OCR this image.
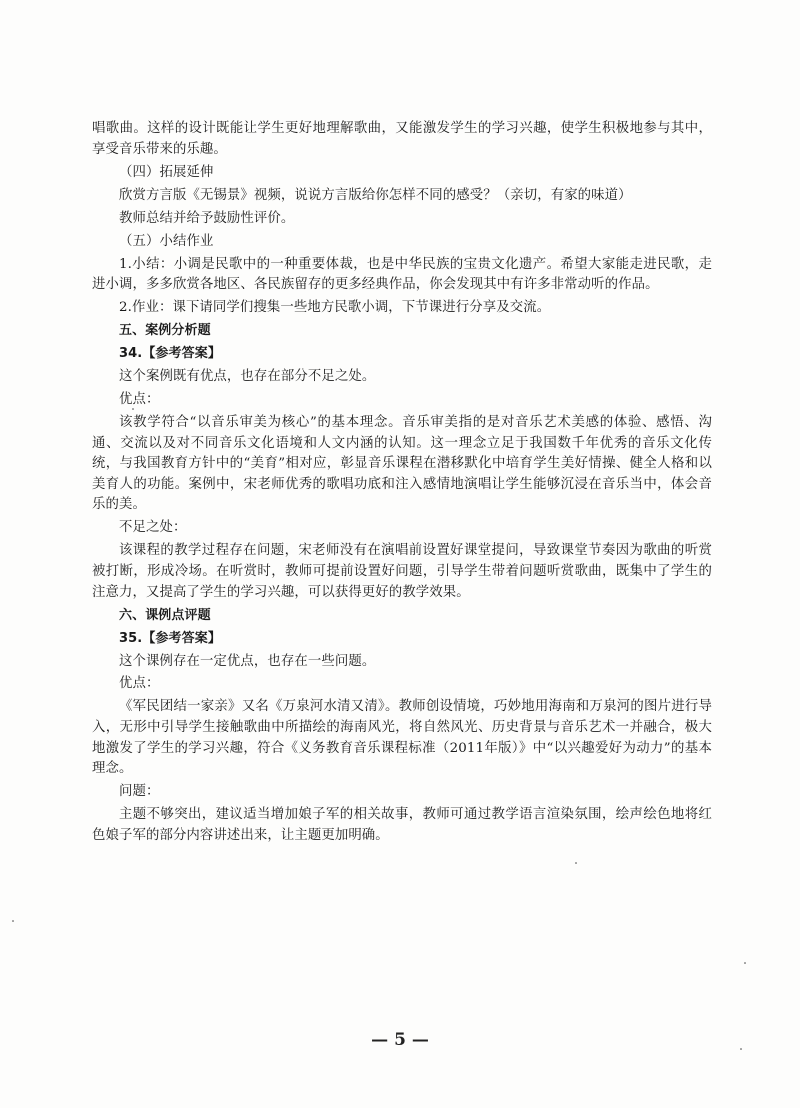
唱歌曲。这样的设计既能让学生更好地理解歌曲，又能激发学生的学习兴趣，使学生积极地参与其中，享受音乐带来的乐趣。

（四）拓展延伸

欣赏方言版《无锡景》视频，说说方言版给你怎样不同的感受？（亲切，有家的味道）

教师总结并给予鼓励性评价。

（五）小结作业

1.小结：小调是民歌中的一种重要体裁，也是中华民族的宝贵文化遗产。希望大家能走进民歌，走进小调，多多欣赏各地区、各民族留存的更多经典作品，你会发现其中有许多非常动听的作品。

2.作业：课下请同学们搜集一些地方民歌小调，下节课进行分享及交流。

五、案例分析题

34.【参考答案】

这个案例既有优点，也存在部分不足之处。

优点：

该教学符合“以音乐审美为核心”的基本理念。音乐审美指的是对音乐艺术美感的体验、感悟、沟通、交流以及对不同音乐文化语境和人文内涵的认知。这一理念立足于我国数千年优秀的音乐文化传统，与我国教育方针中的“美育”相对应，彰显音乐课程在潜移默化中培育学生美好情操、健全人格和以美育人的功能。案例中，宋老师优秀的歌唱功底和注入感情地演唱让学生能够沉浸在音乐当中，体会音乐的美。

不足之处：

该课程的教学过程存在问题，宋老师没有在演唱前设置好课堂提问，导致课堂节奏因为歌曲的听赏被打断，形成冷场。在听赏时，教师可提前设置好问题，引导学生带着问题听赏歌曲，既集中了学生的注意力，又提高了学生的学习兴趣，可以获得更好的教学效果。

六、课例点评题

35.【参考答案】

这个课例存在一定优点，也存在一些问题。

优点：

《军民团结一家亲》又名《万泉河水清又清》。教师创设情境，巧妙地用海南和万泉河的图片进行导入，无形中引导学生接触歌曲中所描绘的海南风光，将自然风光、历史背景与音乐艺术一并融合，极大地激发了学生的学习兴趣，符合《义务教育音乐课程标准（2011年版）》中“以兴趣爱好为动力”的基本理念。

问题：

主题不够突出，建议适当增加娘子军的相关故事，教师可通过教学语言渲染氛围，绘声绘色地将红色娘子军的部分内容讲述出来，让主题更加明确。

— 5 —
